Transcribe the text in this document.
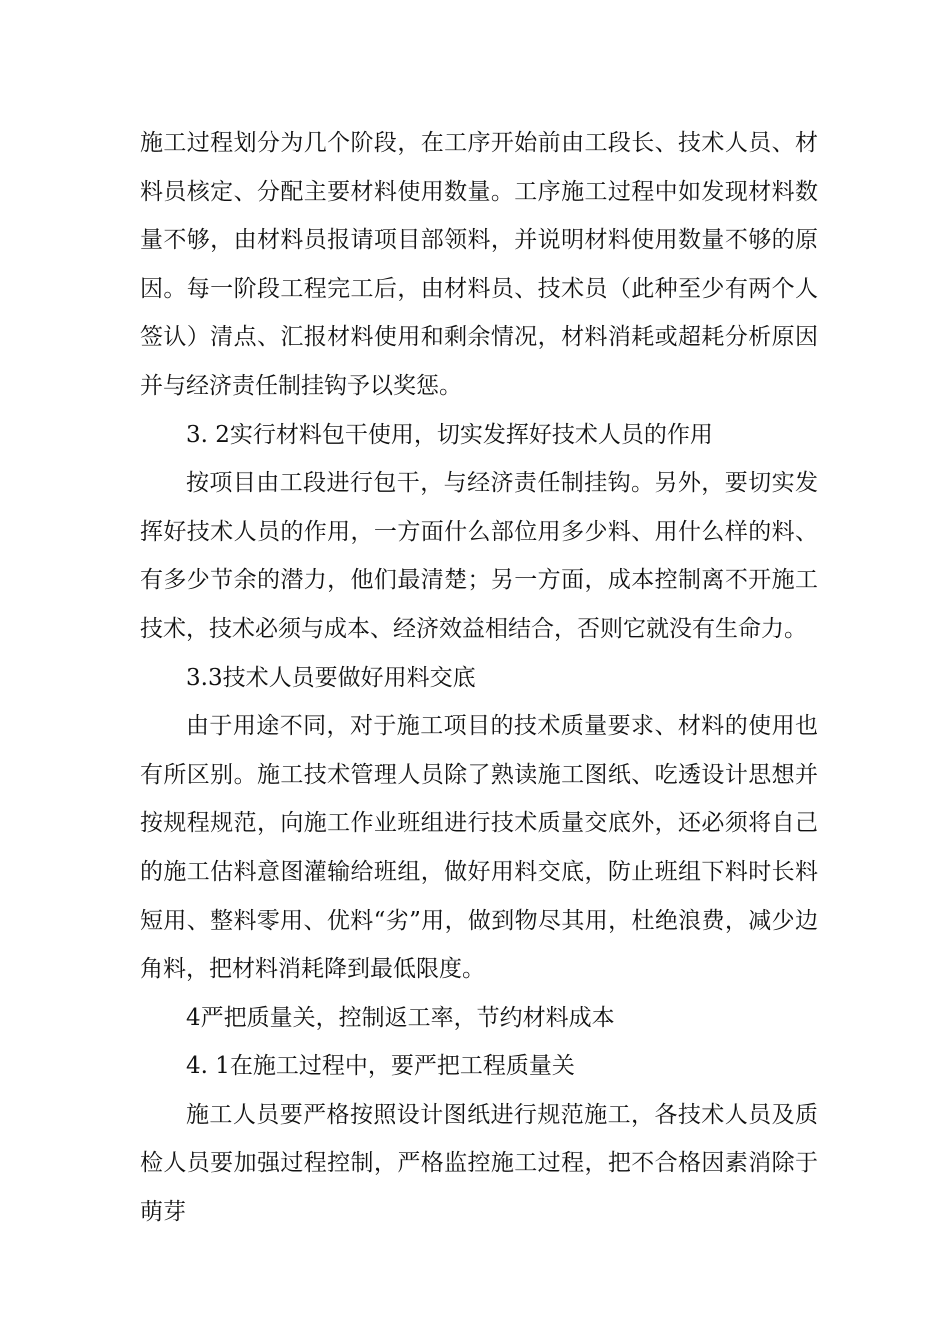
施工过程划分为几个阶段，在工序开始前由工段长、技术人员、材料员核定、分配主要材料使用数量。工序施工过程中如发现材料数量不够，由材料员报请项目部领料，并说明材料使用数量不够的原因。每一阶段工程完工后，由材料员、技术员（此种至少有两个人签认）清点、汇报材料使用和剩余情况，材料消耗或超耗分析原因并与经济责任制挂钩予以奖惩。

3. 2实行材料包干使用，切实发挥好技术人员的作用

按项目由工段进行包干，与经济责任制挂钩。另外，要切实发挥好技术人员的作用，一方面什么部位用多少料、用什么样的料、有多少节余的潜力，他们最清楚；另一方面，成本控制离不开施工技术，技术必须与成本、经济效益相结合，否则它就没有生命力。

3.3技术人员要做好用料交底

由于用途不同，对于施工项目的技术质量要求、材料的使用也有所区别。施工技术管理人员除了熟读施工图纸、吃透设计思想并按规程规范，向施工作业班组进行技术质量交底外，还必须将自己的施工估料意图灌输给班组，做好用料交底，防止班组下料时长料短用、整料零用、优料“劣”用，做到物尽其用，杜绝浪费，减少边角料，把材料消耗降到最低限度。

4严把质量关，控制返工率，节约材料成本

4. 1在施工过程中，要严把工程质量关

施工人员要严格按照设计图纸进行规范施工，各技术人员及质检人员要加强过程控制，严格监控施工过程，把不合格因素消除于萌芽
